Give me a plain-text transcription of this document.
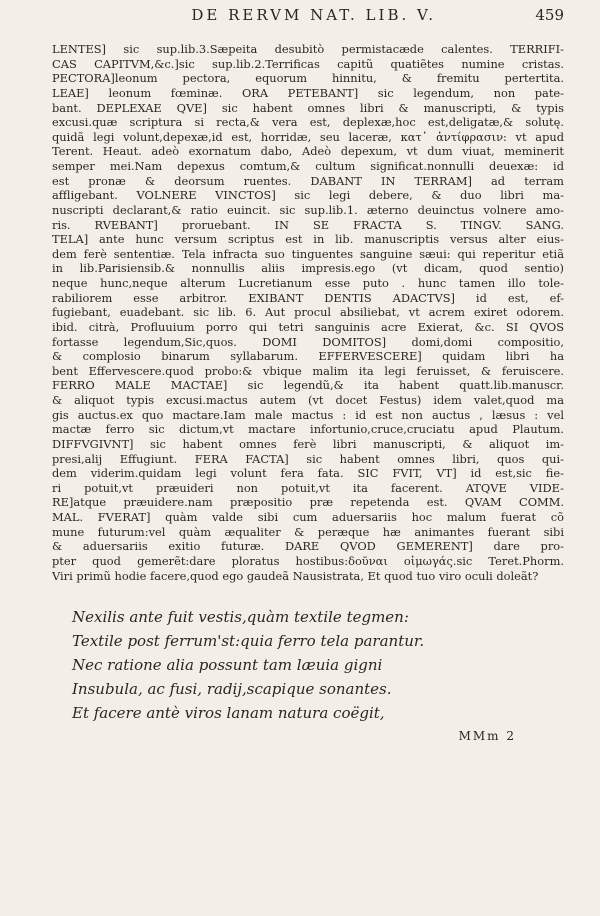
DE RERVM NAT. LIB. V.	459
LENTES] sic sup.lib.3.Sæpeita desubitò permistacæde calentes. TERRIFI-
CAS CAPITVM,&c.]sic sup.lib.2.Terrificas capitũ quatiẽtes numine cristas.
PECTORA]leonum pectora, equorum hinnitu, & fremitu pertertita.
LEAE] leonum fœminæ. ORA PETEBANT] sic legendum, non pate-
bant. DEPLEXAE QVE] sic habent omnes libri & manuscripti, & typis
excusi.quæ scriptura si recta,& vera est, deplexæ,hoc est,deligatæ,& solutę.
quidã legi volunt,depexæ,id est, horridæ, seu laceræ, κατ᾿ ἀντίφρασιν: vt apud
Terent. Heaut. adeò exornatum dabo, Adeò depexum, vt dum viuat, meminerit
semper mei.Nam depexus comtum,& cultum significat.nonnulli deuexæ: id
est pronæ & deorsum ruentes. DABANT IN TERRAM] ad terram
affligebant. VOLNERE VINCTOS] sic legi debere, & duo libri ma-
nuscripti declarant,& ratio euincit. sic sup.lib.1. æterno deuinctus volnere amo-
ris. RVEBANT] proruebant. IN SE FRACTA S. TINGV. SANG.
TELA] ante hunc versum scriptus est in lib. manuscriptis versus alter eius-
dem ferè sententiæ. Tela infracta suo tinguentes sanguine sæui: qui reperitur etiã
in lib.Parisiensib.& nonnullis aliis impresis.ego (vt dicam, quod sentio)
neque hunc,neque alterum Lucretianum esse puto . hunc tamen illo tole-
rabiliorem esse arbitror. EXIBANT DENTIS ADACTVS] id est, ef-
fugiebant, euadebant. sic lib. 6. Aut procul absiliebat, vt acrem exiret odorem.
ibid. citrà, Profluuium porro qui tetri sanguinis acre Exierat, &c. SI QVOS
fortasse legendum,Sic,quos. DOMI DOMITOS] domi,domi compositio,
& complosio binarum syllabarum. EFFERVESCERE] quidam libri ha
bent Effervescere.quod probo:& vbique malim ita legi feruisset, & feruiscere.
FERRO MALE MACTAE] sic legendũ,& ita habent quatt.lib.manuscr.
& aliquot typis excusi.mactus autem (vt docet Festus) idem valet,quod ma
gis auctus.ex quo mactare.Iam male mactus : id est non auctus , læsus : vel
mactæ ferro sic dictum,vt mactare infortunio,cruce,cruciatu apud Plautum.
DIFFVGIVNT] sic habent omnes ferè libri manuscripti, & aliquot im-
presi,alij Effugiunt. FERA FACTA] sic habent omnes libri, quos qui-
dem viderim.quidam legi volunt fera fata. SIC FVIT, VT] id est,sic fie-
ri potuit,vt præuideri non potuit,vt ita facerent. ATQVE VIDE-
RE]atque præuidere.nam præpositio præ repetenda est. QVAM COMM.
MAL. FVERAT] quàm valde sibi cum aduersariis hoc malum fuerat cõ
mune futurum:vel quàm æqualiter & peræque hæ animantes fuerant sibi
& aduersariis exitio futuræ. DARE QVOD GEMERENT] dare pro-
pter quod gemerẽt:dare ploratus hostibus:δοῦναι οἰμωγάς.sic Teret.Phorm.
Viri primũ hodie facere,quod ego gaudeã Nausistrata, Et quod tuo viro oculi doleãt?
Nexilis ante fuit vestis,quàm textile tegmen:
Textile post ferrum'st:quia ferro tela parantur.
Nec ratione alia possunt tam læuia gigni
Insubula, ac fusi, radij,scapique sonantes.
Et facere antè viros lanam natura coëgit,
MMm 2
